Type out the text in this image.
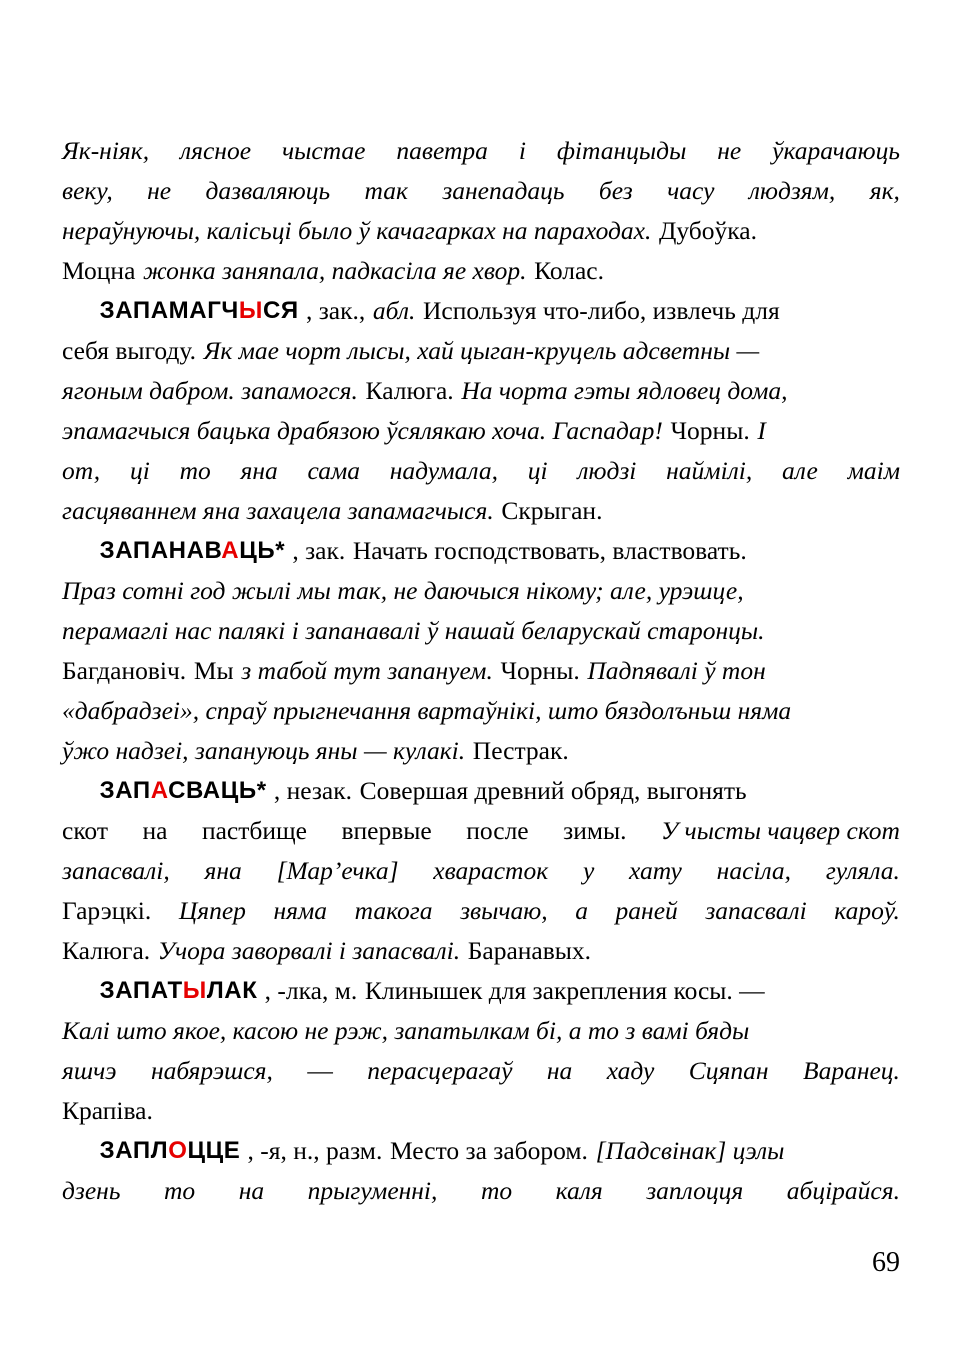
Як-ніяк, лясное чыстае паветра і фітанцыды не ўкарачаюць
веку, не дазваляюць так занепадаць без часу людзям, як,
нераўнуючы, калісьці было ў качагарках на параходах. Дубоўка.
Моцна жонка заняпала, падкасіла яе хвор. Колас.
ЗАПАМАГЧЫСЯ , зак., абл. Используя что-либо, извлечь для
себя выгоду. Як мае чорт лысы, хай цыган-круцель адсветны —
ягоным дабром. запамогся. Калюга. На чорта гэты ядловец дома,
эпамагчыся бацька драбязою ўсялякаю хоча. Гаспадар! Чорны. І
от, ці то яна сама надумала, ці людзі наймілі, але маім
гасцяваннем яна захацела запамагчыся. Скрыган.
ЗАПАНАВАЦЬ* , зак. Начать господствовать, властвовать.
Праз сотні год жылі мы так, не даючыся нікому; але, урэшце,
перамаглі нас палякі і запанавалі ў нашай беларускай старонцы.
Багдановіч. Мы з табой тут запануем. Чорны. Падпявалі ў тон
«дабрадзеі», спраў прыгнечання вартаўнікі, што бяздолъньш няма
ўжо надзеі, запануюць яны — кулакі. Пестрак.
ЗАПАСВАЦЬ* , незак. Совершая древний обряд, выгонять
скот на пастбище впервые после зимы. У чысты чацвер скот
запасвалі, яна [Мар’ечка] хварасток у хату насіла, гуляла.
Гарэцкі. Цяпер няма такога звычаю, а раней запасвалі кароў.
Калюга. Учора заворвалі і запасвалі. Баранавых.
ЗАПАТЫЛАК , -лка, м. Клинышек для закрепления косы. —
Калі што якое, касою не рэж, запатылкам бі, а то з вамі бяды
яшчэ набярэшся, — перасцерагаў на хаду Сцяпан Варанец.
Крапіва.
ЗАПЛОЦЦЕ , -я, н., разм. Место за забором. [Падсвінак] цэлы
дзень то на прыгуменні, то каля заплоцця абцірайся.
69
